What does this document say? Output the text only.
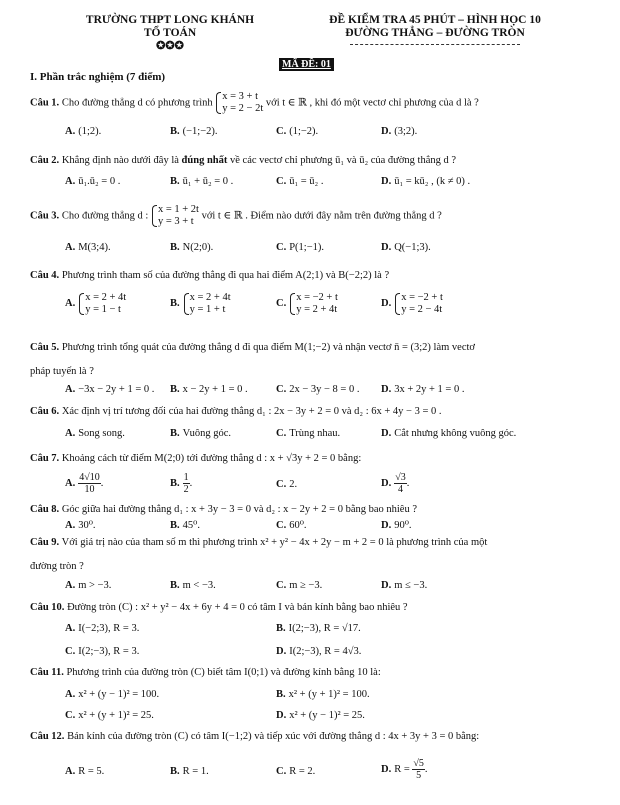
TRƯỜNG THPT LONG KHÁNH
TỔ TOÁN
✪✪✪
ĐỀ KIỂM TRA 45 PHÚT – HÌNH HỌC 10
ĐƯỜNG THẲNG – ĐƯỜNG TRÒN
MÃ ĐỀ: 01
I. Phần trắc nghiệm (7 điểm)
Câu 1. Cho đường thẳng d có phương trình
x = 3 + t
y = 2 − 2t
với t ∈ ℝ , khi đó một vectơ chỉ phương của d là ?
A. (1;2).	B. (−1;−2).	C. (1;−2).	D. (3;2).
Câu 2. Khẳng định nào dưới đây là đúng nhất về các vectơ chỉ phương ū₁ và ū₂ của đường thẳng d ?
A. ū₁.ū₂ = 0 .	B. ū₁ + ū₂ = 0 .	C. ū₁ = ū₂ .	D. ū₁ = kū₂ , (k ≠ 0) .
Câu 3. Cho đường thẳng d :
x = 1 + 2t
y = 3 + t
với t ∈ ℝ . Điểm nào dưới đây nằm trên đường thẳng d ?
A. M(3;4).	B. N(2;0).	C. P(1;−1).	D. Q(−1;3).
Câu 4. Phương trình tham số của đường thẳng đi qua hai điểm A(2;1) và B(−2;2) là ?
A.
x = 2 + 4t
y = 1 − t
B.
x = 2 + 4t
y = 1 + t
C.
x = −2 + t
y = 2 + 4t
D.
x = −2 + t
y = 2 − 4t
Câu 5. Phương trình tổng quát của đường thẳng d đi qua điểm M(1;−2) và nhận vectơ n̄ = (3;2) làm vectơ
pháp tuyến là ?
A. −3x − 2y + 1 = 0 . B. x − 2y + 1 = 0 .	C. 2x − 3y − 8 = 0 . D. 3x + 2y + 1 = 0 .
Câu 6. Xác định vị trí tương đối của hai đường thẳng d₁ : 2x − 3y + 2 = 0 và d₂ : 6x + 4y − 3 = 0 .
A. Song song.	B. Vuông góc.	C. Trùng nhau.	D. Cắt nhưng không vuông góc.
Câu 7. Khoảng cách từ điểm M(2;0) tới đường thẳng d : x + √3y + 2 = 0 bằng:
A. $\frac{4√10}{10}$ .	B. $\frac{1}{2}$ .	C. 2.	D. $\frac{√3}{4}$ .
Câu 8. Góc giữa hai đường thẳng d₁ : x + 3y − 3 = 0 và d₂ : x − 2y + 2 = 0 bằng bao nhiêu ?
A. 30⁰.	B. 45⁰.	C. 60⁰.	D. 90⁰.
Câu 9. Với giá trị nào của tham số m thì phương trình x² + y² − 4x + 2y − m + 2 = 0 là phương trình của một
đường tròn ?
A. m > −3.	B. m < −3.	C. m ≥ −3.	D. m ≤ −3.
Câu 10. Đường tròn (C) : x² + y² − 4x + 6y + 4 = 0 có tâm I và bán kính bằng bao nhiêu ?
A. I(−2;3), R = 3.	B. I(2;−3), R = √17.
C. I(2;−3), R = 3.	D. I(2;−3), R = 4√3.
Câu 11. Phương trình của đường tròn (C) biết tâm I(0;1) và đường kính bằng 10 là:
A. x² + (y − 1)² = 100.	B. x² + (y + 1)² = 100.
C. x² + (y + 1)² = 25.	D. x² + (y − 1)² = 25.
Câu 12. Bán kính của đường tròn (C) có tâm I(−1;2) và tiếp xúc với đường thẳng d : 4x + 3y + 3 = 0 bằng:
A. R = 5.	B. R = 1.	C. R = 2.	D. $R = \frac{√5}{5}$ .
